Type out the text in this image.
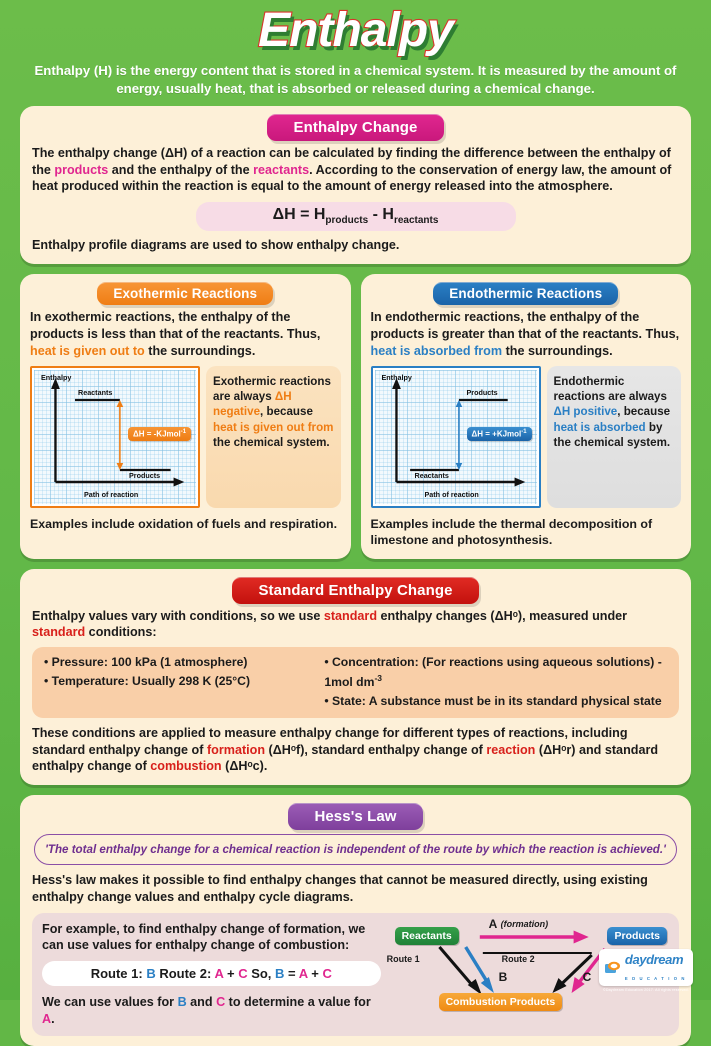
Enthalpy
Enthalpy (H) is the energy content that is stored in a chemical system. It is measured by the amount of energy, usually heat, that is absorbed or released during a chemical change.
Enthalpy Change
The enthalpy change (ΔH) of a reaction can be calculated by finding the difference between the enthalpy of the products and the enthalpy of the reactants. According to the conservation of energy law, the amount of heat produced within the reaction is equal to the amount of energy released into the atmosphere.
$\Delta H = H_{products} - H_{reactants}$
Enthalpy profile diagrams are used to show enthalpy change.
Exothermic Reactions
In exothermic reactions, the enthalpy of the products is less than that of the reactants. Thus, heat is given out to the surroundings.
Enthalpy
Reactants
Products
Path of reaction
ΔH = -KJmol$^{-1}$
Exothermic reactions are always ΔH negative, because heat is given out from the chemical system.
Examples include oxidation of fuels and respiration.
Endothermic Reactions
In endothermic reactions, the enthalpy of the products is greater than that of the reactants. Thus, heat is absorbed from the surroundings.
Enthalpy
Products
Reactants
Path of reaction
ΔH = +KJmol$^{-1}$
Endothermic reactions are always ΔH positive, because heat is absorbed by the chemical system.
Examples include the thermal decomposition of limestone and photosynthesis.
Standard Enthalpy Change
Enthalpy values vary with conditions, so we use standard enthalpy changes (ΔHᵒ), measured under standard conditions:
• Pressure: 100 kPa (1 atmosphere)
• Temperature: Usually 298 K (25°C)
• Concentration: (For reactions using aqueous solutions) - 1mol $dm^{-3}$
• State: A substance must be in its standard physical state
These conditions are applied to measure enthalpy change for different types of reactions, including standard enthalpy change of formation (ΔHᵒf), standard enthalpy change of reaction (ΔHᵒr) and standard enthalpy change of combustion (ΔHᵒc).
Hess's Law
'The total enthalpy change for a chemical reaction is independent of the route by which the reaction is achieved.'
Hess's law makes it possible to find enthalpy changes that cannot be measured directly, using existing enthalpy change values and enthalpy cycle diagrams.
For example, to find enthalpy change of formation, we can use values for enthalpy change of combustion:
Route 1: B Route 2: A + C So, B = A + C
We can use values for B and C to determine a value for A.
Reactants	Products
Combustion Products
A (formation)
Route 1	Route 2
B	C
daydream
E D U C A T I O N
©Daydream Education 2017. All rights reserved.
